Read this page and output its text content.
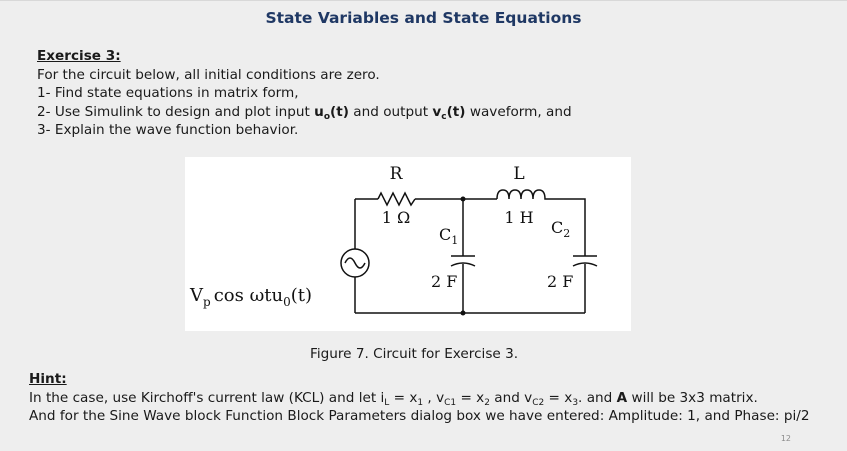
State Variables and State Equations
Exercise 3:
For the circuit below, all initial conditions are zero.
1- Find state equations in matrix form,
2- Use Simulink to design and plot input $u_o(t)$ and output $v_c(t)$ waveform, and
3- Explain the wave function behavior.
R
1 Ω
L
1 H
$C_1$
2 F
$C_2$
2 F
$V_p$ cos ωtu$_0$(t)
Figure 7. Circuit for Exercise 3.
Hint:
In the case, use Kirchoff's current law (KCL) and let $i_L = x_1$ , $v_{C1} = x_2$ and $v_{C2} = x_3$. and A will be 3x3 matrix.
And for the Sine Wave block Function Block Parameters dialog box we have entered: Amplitude: 1, and Phase: pi/2
12
